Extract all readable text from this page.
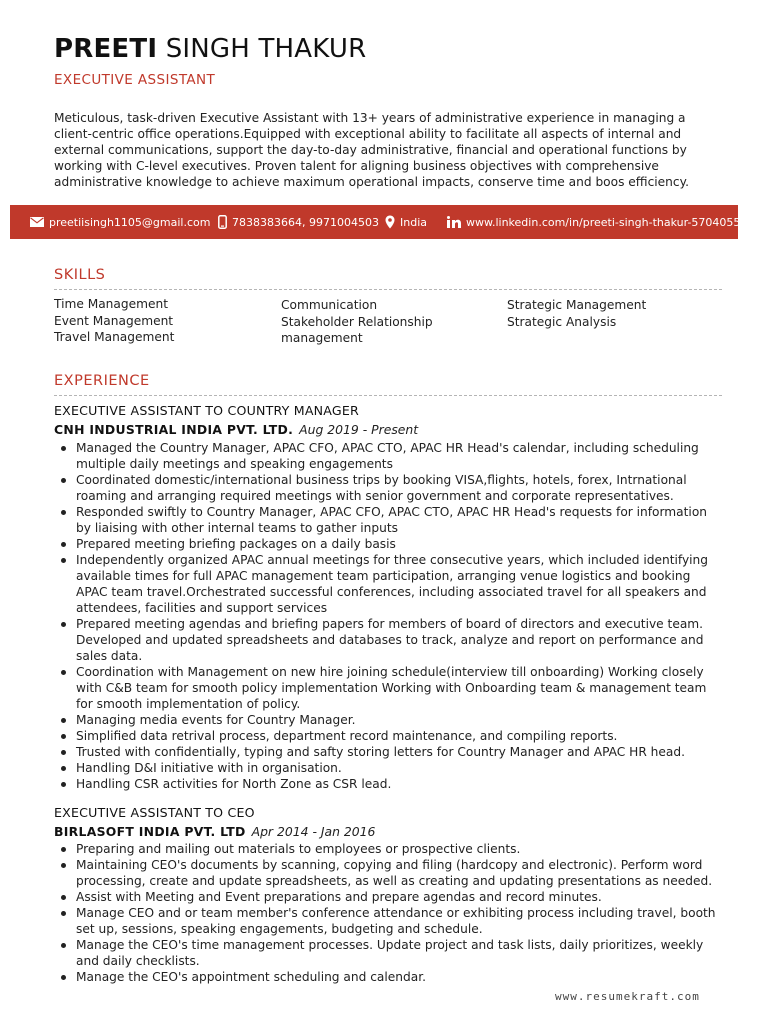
PREETI SINGH THAKUR
EXECUTIVE ASSISTANT
Meticulous, task-driven Executive Assistant with 13+ years of administrative experience in managing a client-centric office operations.Equipped with exceptional ability to facilitate all aspects of internal and external communications, support the day-to-day administrative, financial and operational functions by working with C-level executives. Proven talent for aligning business objectives with comprehensive administrative knowledge to achieve maximum operational impacts, conserve time and boos efficiency.
preetiisingh1105@gmail.com 7838383664, 9971004503 India	www.linkedin.com/in/preeti-singh-thakur-57040551
SKILLS
Time Management
Event Management
Travel Management
Communication
Stakeholder Relationship management
Strategic Management
Strategic Analysis
EXPERIENCE
EXECUTIVE ASSISTANT TO COUNTRY MANAGER
CNH INDUSTRIAL INDIA PVT. LTD. Aug 2019 - Present
Managed the Country Manager, APAC CFO, APAC CTO, APAC HR Head's calendar, including scheduling multiple daily meetings and speaking engagements
Coordinated domestic/international business trips by booking VISA,flights, hotels, forex, Intrnational roaming and arranging required meetings with senior government and corporate representatives.
Responded swiftly to Country Manager, APAC CFO, APAC CTO, APAC HR Head's requests for information by liaising with other internal teams to gather inputs
Prepared meeting briefing packages on a daily basis
Independently organized APAC annual meetings for three consecutive years, which included identifying available times for full APAC management team participation, arranging venue logistics and booking APAC team travel.Orchestrated successful conferences, including associated travel for all speakers and attendees, facilities and support services
Prepared meeting agendas and briefing papers for members of board of directors and executive team. Developed and updated spreadsheets and databases to track, analyze and report on performance and sales data.
Coordination with Management on new hire joining schedule(interview till onboarding) Working closely with C&B team for smooth policy implementation Working with Onboarding team & management team for smooth implementation of policy.
Managing media events for Country Manager.
Simplified data retrival process, department record maintenance, and compiling reports.
Trusted with confidentially, typing and safty storing letters for Country Manager and APAC HR head.
Handling D&I initiative with in organisation.
Handling CSR activities for North Zone as CSR lead.
EXECUTIVE ASSISTANT TO CEO
BIRLASOFT INDIA PVT. LTD Apr 2014 - Jan 2016
Preparing and mailing out materials to employees or prospective clients.
Maintaining CEO's documents by scanning, copying and filing (hardcopy and electronic). Perform word processing, create and update spreadsheets, as well as creating and updating presentations as needed.
Assist with Meeting and Event preparations and prepare agendas and record minutes.
Manage CEO and or team member's conference attendance or exhibiting process including travel, booth set up, sessions, speaking engagements, budgeting and schedule.
Manage the CEO's time management processes. Update project and task lists, daily prioritizes, weekly and daily checklists.
Manage the CEO's appointment scheduling and calendar.
www.resumekraft.com
